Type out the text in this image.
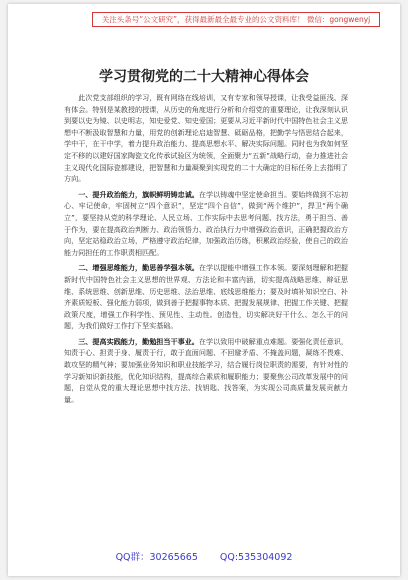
关注头条号“公文研究”，获得最新最全最专业的公文资料库！ 微信：gongwenyj
学习贯彻党的二十大精神心得体会

此次党支部组织的学习，既有网络在线培训，又有专家和领导授课，让我受益匪浅、深有体会。特别是某教授的授课，从历史的角度进行分析和介绍党的重要理论，让我深刻认识到要以史为镜、以史明志，知史爱党、知史爱国；更要从习近平新时代中国特色社会主义思想中不断汲取智慧和力量，用党的创新理论启迪智慧、砥砺品格，把勤学与悟思结合起来，学中干，在干中学，着力提升政治能力、提高思想水平、解决实际问题。同时也为我如何坚定不移的以建好国家陶瓷文化传承试验区为统领，全面聚力“五新”战略行动，奋力推进社会主义现代化国际瓷都建设，把智慧和力量凝聚到实现党的二十大确定的目标任务上去指明了方向。

一、提升政治能力，旗帜鲜明铸忠诚。在学以铸魂中坚定使命担当。要始终做到不忘初心、牢记使命，牢固树立“四个意识”，坚定“四个自信”，做到“两个维护”，捍卫“两个确立”，要坚持从党的科学理论、人民立场、工作实际中去思考问题、找方法，勇于担当、善于作为，要在提高政治判断力、政治领悟力、政治执行力中增强政治意识，正确把握政治方向，坚定站稳政治立场，严格遵守政治纪律，加强政治历练，积累政治经验，使自己的政治能力同担任的工作职责相匹配。

二、增强思维能力，勤思善学强本领。在学以提能中增强工作本领。要深刻理解和把握新时代中国特色社会主义思想的世界观、方法论和丰富内涵，切实提高战略思维、辩证思维、系统思维、创新思维、历史思维、法治思维、底线思维能力；要及时填补知识空白、补齐素质短板、强化能力弱项，做到善于把握事物本质、把握发展规律、把握工作关键、把握政策尺度，增强工作科学性、预见性、主动性。创造性，切实解决好干什么、怎么干的问题，为我们做好工作打下坚实基础。

三、提高实践能力，勤勉担当干事业。在学以致用中破解重点难题。要强化责任意识，知责于心、担责于身、履责于行，敢于直面问题、不回避矛盾、不掩盖问题，凝练不畏难、敢攻坚的精气神；要加强业务知识和职业技能学习，结合履行岗位职责的需要，有针对性的学习新知识新技能，优化知识结构，提高综合素质和履职能力；要聚焦公司改革发展中的问题，自觉从党的重大理论思想中找方法、找钥匙、找答案，为实现公司高质量发展贡献力量。

QQ群：30265665 QQ:535304092
